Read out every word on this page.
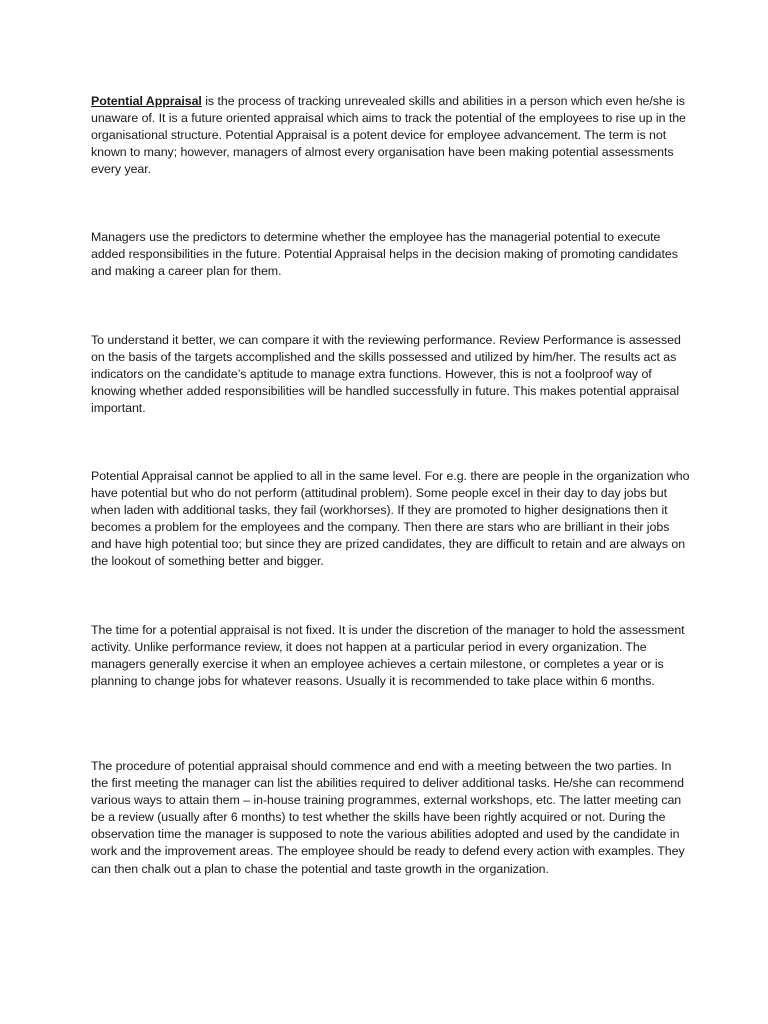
Potential Appraisal is the process of tracking unrevealed skills and abilities in a person which even he/she is unaware of. It is a future oriented appraisal which aims to track the potential of the employees to rise up in the organisational structure. Potential Appraisal is a potent device for employee advancement. The term is not known to many; however, managers of almost every organisation have been making potential assessments every year.

Managers use the predictors to determine whether the employee has the managerial potential to execute added responsibilities in the future. Potential Appraisal helps in the decision making of promoting candidates and making a career plan for them.

To understand it better, we can compare it with the reviewing performance. Review Performance is assessed on the basis of the targets accomplished and the skills possessed and utilized by him/her. The results act as indicators on the candidate’s aptitude to manage extra functions. However, this is not a foolproof way of knowing whether added responsibilities will be handled successfully in future. This makes potential appraisal important.

Potential Appraisal cannot be applied to all in the same level. For e.g. there are people in the organization who have potential but who do not perform (attitudinal problem). Some people excel in their day to day jobs but when laden with additional tasks, they fail (workhorses). If they are promoted to higher designations then it becomes a problem for the employees and the company. Then there are stars who are brilliant in their jobs and have high potential too; but since they are prized candidates, they are difficult to retain and are always on the lookout of something better and bigger.

The time for a potential appraisal is not fixed. It is under the discretion of the manager to hold the assessment activity. Unlike performance review, it does not happen at a particular period in every organization. The managers generally exercise it when an employee achieves a certain milestone, or completes a year or is planning to change jobs for whatever reasons. Usually it is recommended to take place within 6 months.

The procedure of potential appraisal should commence and end with a meeting between the two parties. In the first meeting the manager can list the abilities required to deliver additional tasks. He/she can recommend various ways to attain them – in-house training programmes, external workshops, etc. The latter meeting can be a review (usually after 6 months) to test whether the skills have been rightly acquired or not. During the observation time the manager is supposed to note the various abilities adopted and used by the candidate in work and the improvement areas. The employee should be ready to defend every action with examples. They can then chalk out a plan to chase the potential and taste growth in the organization.
